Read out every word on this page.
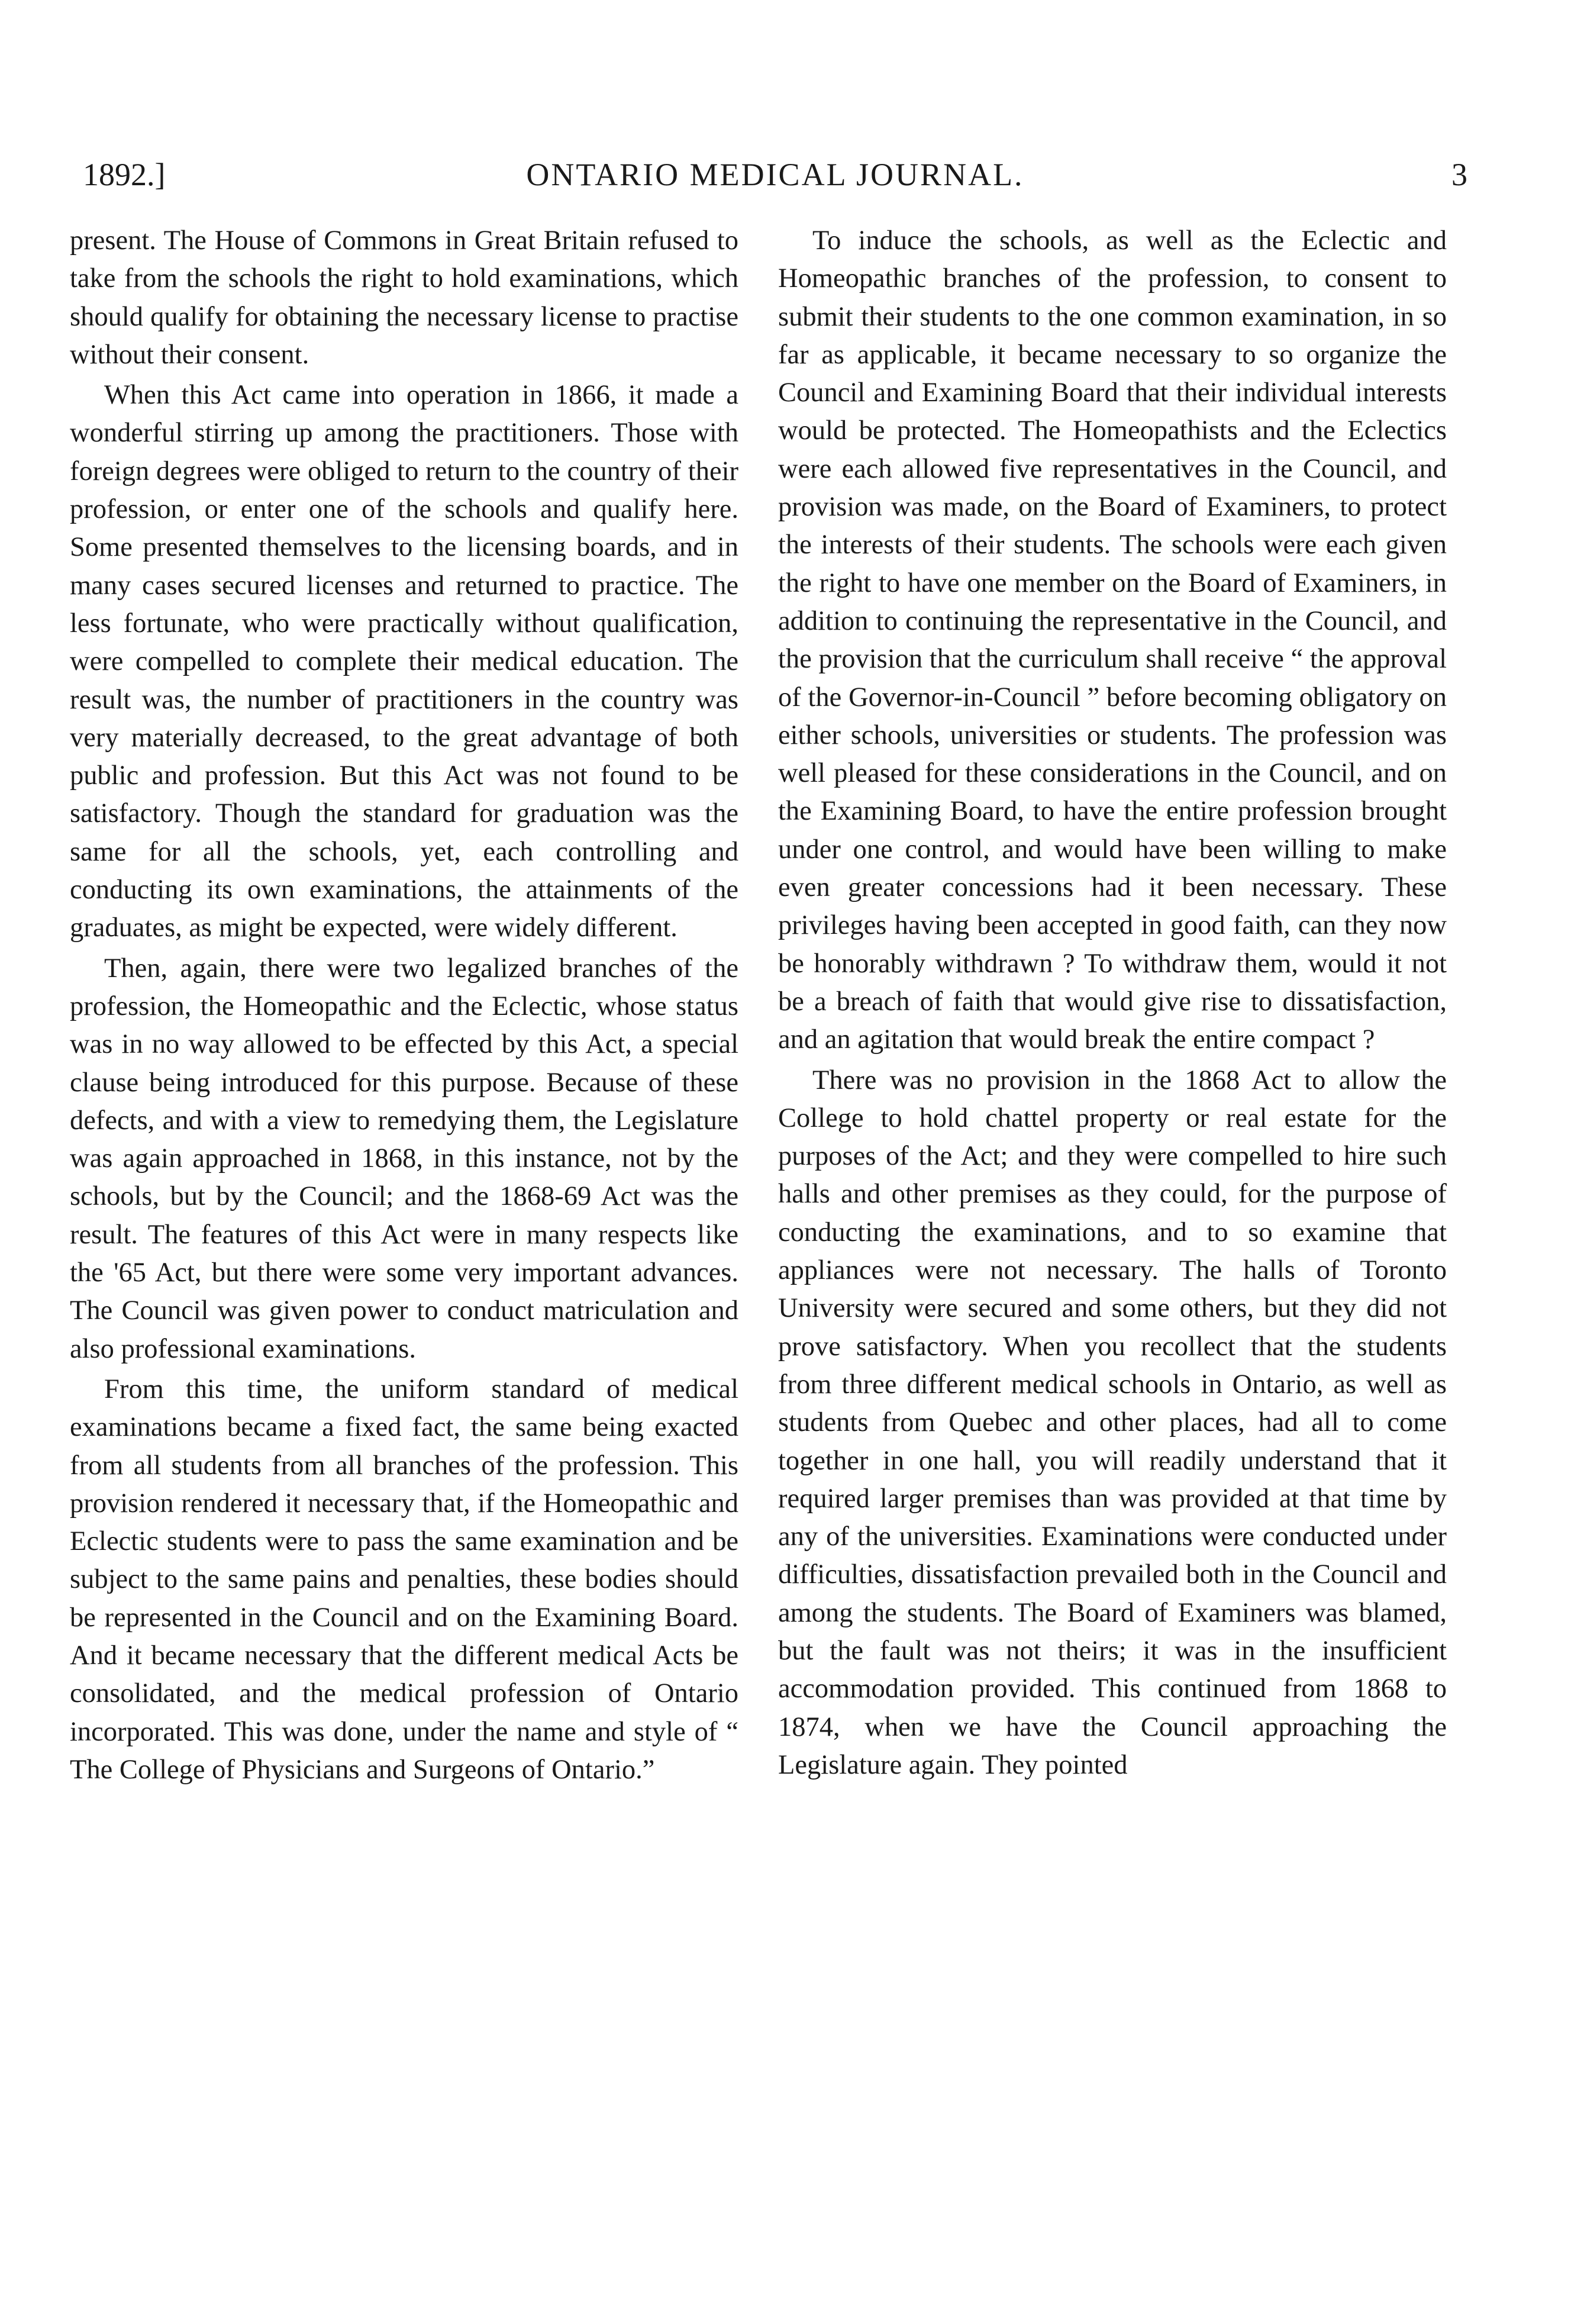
1892.]	ONTARIO MEDICAL JOURNAL.	3

present. The House of Commons in Great Britain refused to take from the schools the right to hold examinations, which should qualify for obtaining the necessary license to practise without their consent.

When this Act came into operation in 1866, it made a wonderful stirring up among the practitioners. Those with foreign degrees were obliged to return to the country of their profession, or enter one of the schools and qualify here. Some presented themselves to the licensing boards, and in many cases secured licenses and returned to practice. The less fortunate, who were practically without qualification, were compelled to complete their medical education. The result was, the number of practitioners in the country was very materially decreased, to the great advantage of both public and profession. But this Act was not found to be satisfactory. Though the standard for graduation was the same for all the schools, yet, each controlling and conducting its own examinations, the attainments of the graduates, as might be expected, were widely different.

Then, again, there were two legalized branches of the profession, the Homeopathic and the Eclectic, whose status was in no way allowed to be effected by this Act, a special clause being introduced for this purpose. Because of these defects, and with a view to remedying them, the Legislature was again approached in 1868, in this instance, not by the schools, but by the Council; and the 1868-69 Act was the result. The features of this Act were in many respects like the '65 Act, but there were some very important advances. The Council was given power to conduct matriculation and also professional examinations.

From this time, the uniform standard of medical examinations became a fixed fact, the same being exacted from all students from all branches of the profession. This provision rendered it necessary that, if the Homeopathic and Eclectic students were to pass the same examination and be subject to the same pains and penalties, these bodies should be represented in the Council and on the Examining Board. And it became necessary that the different medical Acts be consolidated, and the medical profession of Ontario incorporated. This was done, under the name and style of “ The College of Physicians and Surgeons of Ontario.”

To induce the schools, as well as the Eclectic and Homeopathic branches of the profession, to consent to submit their students to the one common examination, in so far as applicable, it became necessary to so organize the Council and Examining Board that their individual interests would be protected. The Homeopathists and the Eclectics were each allowed five representatives in the Council, and provision was made, on the Board of Examiners, to protect the interests of their students. The schools were each given the right to have one member on the Board of Examiners, in addition to continuing the representative in the Council, and the provision that the curriculum shall receive “ the approval of the Governor-in-Council ” before becoming obligatory on either schools, universities or students. The profession was well pleased for these considerations in the Council, and on the Examining Board, to have the entire profession brought under one control, and would have been willing to make even greater concessions had it been necessary. These privileges having been accepted in good faith, can they now be honorably withdrawn ? To withdraw them, would it not be a breach of faith that would give rise to dissatisfaction, and an agitation that would break the entire compact ?

There was no provision in the 1868 Act to allow the College to hold chattel property or real estate for the purposes of the Act; and they were compelled to hire such halls and other premises as they could, for the purpose of conducting the examinations, and to so examine that appliances were not necessary. The halls of Toronto University were secured and some others, but they did not prove satisfactory. When you recollect that the students from three different medical schools in Ontario, as well as students from Quebec and other places, had all to come together in one hall, you will readily understand that it required larger premises than was provided at that time by any of the universities. Examinations were conducted under difficulties, dissatisfaction prevailed both in the Council and among the students. The Board of Examiners was blamed, but the fault was not theirs; it was in the insufficient accommodation provided. This continued from 1868 to 1874, when we have the Council approaching the Legislature again. They pointed
